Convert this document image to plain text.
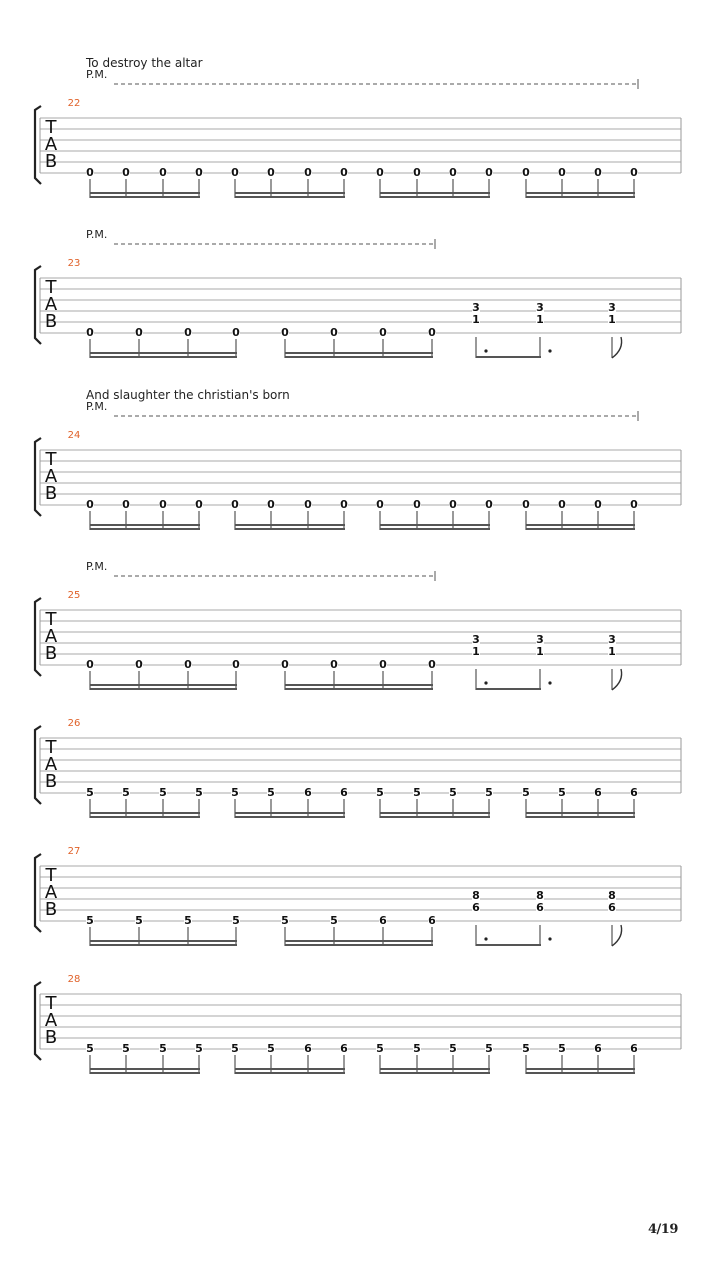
22
T
A
B
0	0	0	0	0	0	0	0	0	0	0	0	0	0	0	0
23
T
A
B
0	0	0	0	0	0	0	0
3
1
3
1
3
1
24
T
A
B
0	0	0	0	0	0	0	0	0	0	0	0	0	0	0	0
25
T
A
B
0	0	0	0	0	0	0	0
3
1
3
1
3
1
26
T
A
B
5	5	5	5	5	5	6	6	5	5	5	5	5	5	6	6
27
T
A
B
5	5	5	5	5	5	6	6
8
6
8
6
8
6
28
T
A
B
5	5	5	5	5	5	6	6	5	5	5	5	5	5	6	6
To destroy the altar
P.M.
P.M.
And slaughter the christian's born
P.M.
P.M.
4/19
